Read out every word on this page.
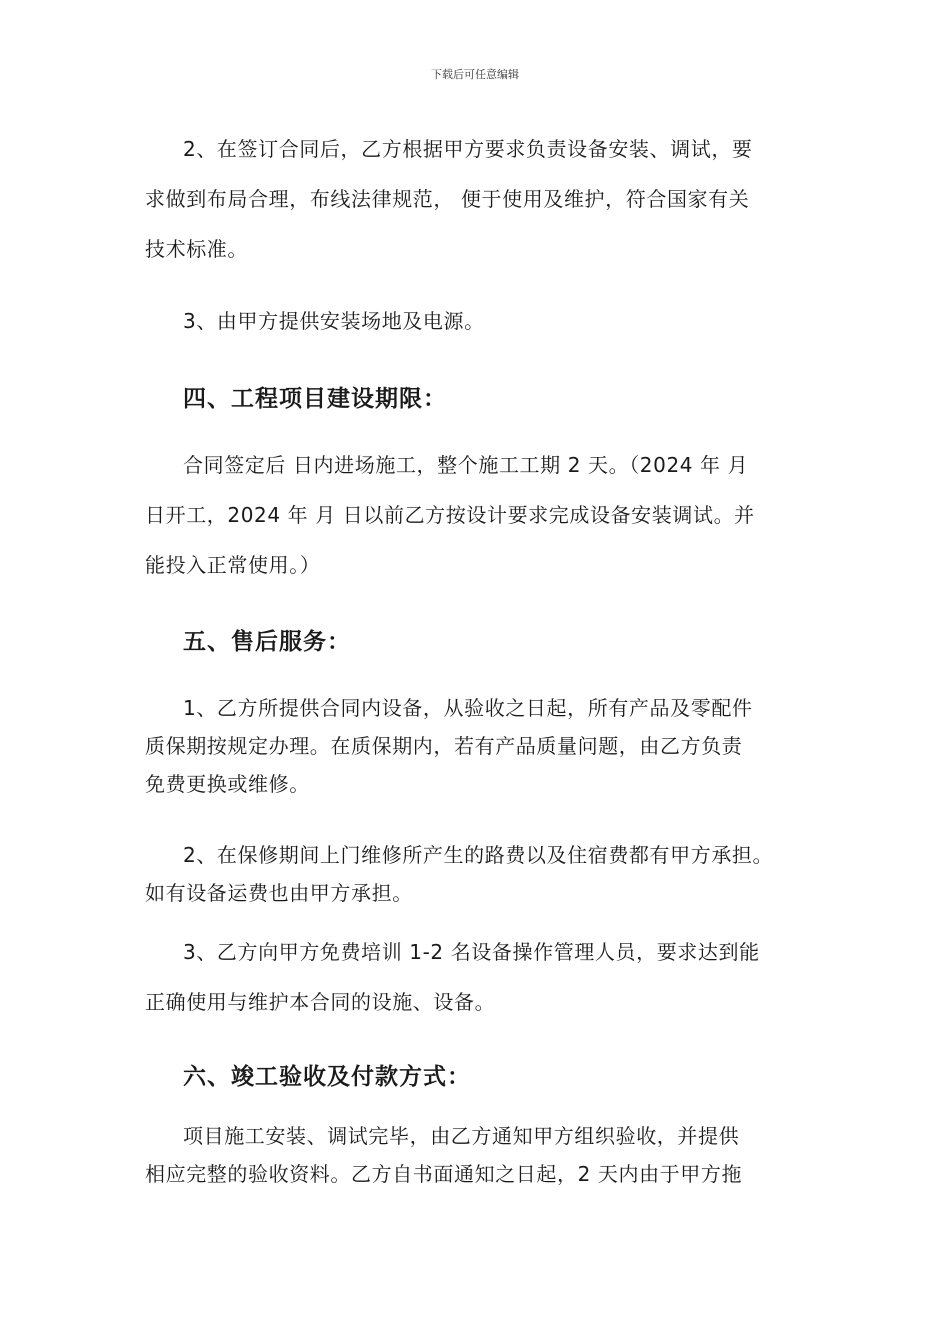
下载后可任意编辑
2、在签订合同后，乙方根据甲方要求负责设备安装、调试，要
求做到布局合理，布线法律规范， 便于使用及维护，符合国家有关
技术标准。
3、由甲方提供安装场地及电源。
四、工程项目建设期限：
合同签定后 日内进场施工，整个施工工期 2 天。（2024 年 月
日开工，2024 年 月 日以前乙方按设计要求完成设备安装调试。并
能投入正常使用。）
五、售后服务：
1、乙方所提供合同内设备，从验收之日起，所有产品及零配件
质保期按规定办理。在质保期内，若有产品质量问题，由乙方负责
免费更换或维修。
2、在保修期间上门维修所产生的路费以及住宿费都有甲方承担。
如有设备运费也由甲方承担。
3、乙方向甲方免费培训 1-2 名设备操作管理人员，要求达到能
正确使用与维护本合同的设施、设备。
六、竣工验收及付款方式：
项目施工安装、调试完毕，由乙方通知甲方组织验收，并提供
相应完整的验收资料。乙方自书面通知之日起，2 天内由于甲方拖
